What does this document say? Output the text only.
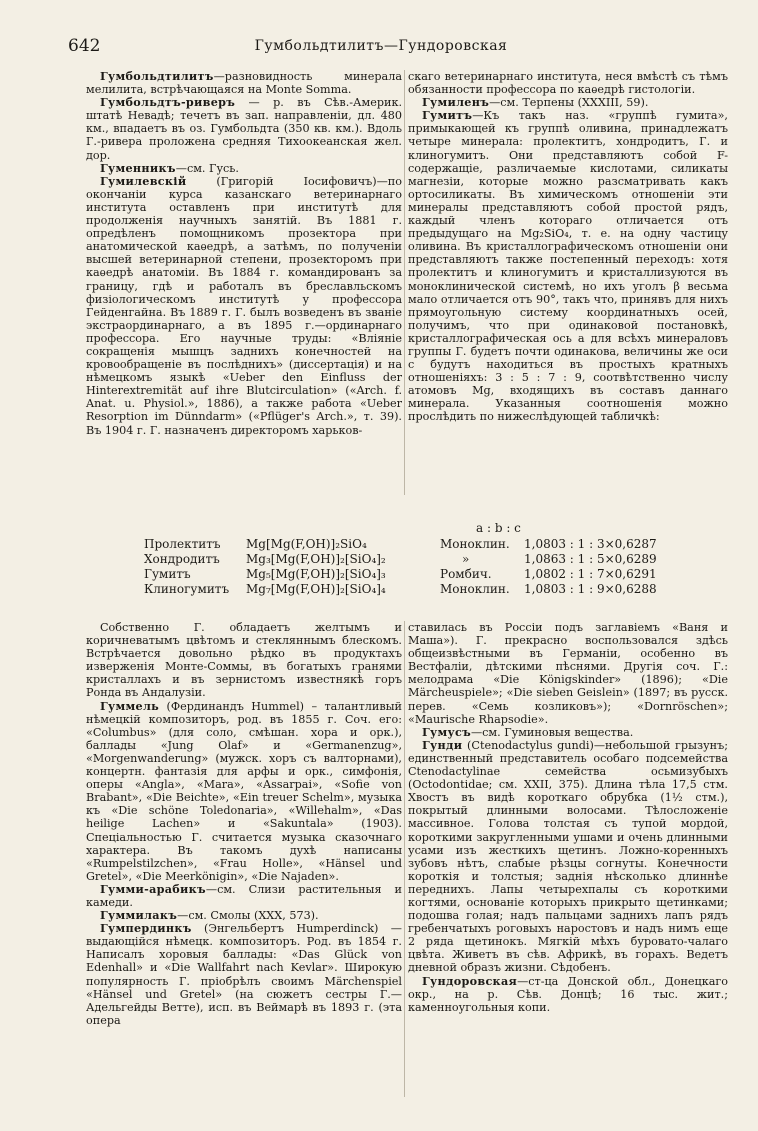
642	Гумбольдтилитъ—Гундоровская

Гумбольдтилитъ—разновидность минерала мелилита, встрѣчающаяся на Monte Somma.

Гумбольдтъ-риверъ — р. въ Сѣв.-Америк. штатѣ Невадѣ; течетъ въ зап. направленіи, дл. 480 км., впадаетъ въ оз. Гумбольдта (350 кв. км.). Вдоль Г.-ривера проложена средняя Тихоокеанская жел. дор.

Гуменникъ—см. Гусь.

Гумилевскій (Григорій Іосифовичъ)—по окончаніи курса казанскаго ветеринарнаго института оставленъ при институтѣ для продолженія научныхъ занятій. Въ 1881 г. опредѣленъ помощникомъ прозектора при анатомической каѳедрѣ, а затѣмъ, по полученіи высшей ветеринарной степени, прозекторомъ при каѳедрѣ анатоміи. Въ 1884 г. командированъ за границу, гдѣ и работалъ въ бреславльскомъ физіологическомъ институтѣ у профессора Гейденгайна. Въ 1889 г. Г. былъ возведенъ въ званіе экстраординарнаго, а въ 1895 г.—ординарнаго профессора. Его научные труды: «Вліяніе сокращенія мышцъ заднихъ конечностей на кровообращеніе въ послѣднихъ» (диссертація) и на нѣмецкомъ языкѣ «Ueber den Einfluss der Hinterextremität auf ihre Blutcirculation» («Arch. f. Anat. u. Physiol.», 1886), а также работа «Ueber Resorption im Dünndarm» («Pflüger's Arch.», т. 39). Въ 1904 г. Г. назначенъ директоромъ харьков-

скаго ветеринарнаго института, неся вмѣстѣ съ тѣмъ обязанности профессора по каѳедрѣ гистологіи.

Гумиленъ—см. Терпены (XXXIII, 59).

Гумитъ—Къ такъ наз. «группѣ гумита», примыкающей къ группѣ оливина, принадлежатъ четыре минерала: пролектитъ, хондродитъ, Г. и клиногумитъ. Они представляютъ собой F-содержащіе, различаемые кислотами, силикаты магнезіи, которые можно разсматривать какъ ортосиликаты. Въ химическомъ отношеніи эти минералы представляютъ собой простой рядъ, каждый членъ котораго отличается отъ предыдущаго на Mg₂SiO₄, т. е. на одну частицу оливина. Въ кристаллографическомъ отношеніи они представляютъ также постепенный переходъ: хотя пролектитъ и клиногумитъ и кристаллизуются въ моноклинической системѣ, но ихъ уголъ β весьма мало отличается отъ 90°, такъ что, принявъ для нихъ прямоугольную систему координатныхъ осей, получимъ, что при одинаковой постановкѣ, кристаллографическая ось a для всѣхъ минераловъ группы Г. будетъ почти одинакова, величины же оси c будутъ находиться въ простыхъ кратныхъ отношеніяхъ: 3 : 5 : 7 : 9, соотвѣтственно числу атомовъ Mg, входящихъ въ составъ даннаго минерала. Указанныя соотношенія можно прослѣдить по нижеслѣдующей табличкѣ:

a : b : c
Пролектитъ Mg[Mg(F,OH)]₂SiO₄	Моноклин. 1,0803 : 1 : 3×0,6287
Хондродитъ Mg₃[Mg(F,OH)]₂[SiO₄]₂	»	1,0863 : 1 : 5×0,6289
Гумитъ	Mg₅[Mg(F,OH)]₂[SiO₄]₃	Ромбич.	1,0802 : 1 : 7×0,6291
Клиногумитъ Mg₇[Mg(F,OH)]₂[SiO₄]₄	Моноклин. 1,0803 : 1 : 9×0,6288

Собственно Г. обладаетъ желтымъ и коричневатымъ цвѣтомъ и стекляннымъ блескомъ. Встрѣчается довольно рѣдко въ продуктахъ изверженія Монте-Соммы, въ богатыхъ гранями кристаллахъ и въ зернистомъ известнякѣ горъ Ронда въ Андалузіи.

Гуммель (Фердинандъ Hummel) – талантливый нѣмецкій композиторъ, род. въ 1855 г. Соч. его: «Columbus» (для соло, смѣшан. хора и орк.), баллады «Jung Olaf» и «Germanenzug», «Morgenwanderung» (мужск. хоръ съ валторнами), концертн. фантазія для арфы и орк., симфонія, оперы «Angla», «Mara», «Assarpai», «Sofie von Brabant», «Die Beichte», «Ein treuer Schelm», музыка къ «Die schöne Toledonaria», «Willehalm», «Das heilige Lachen» и «Sakuntala» (1903). Спеціальностью Г. считается музыка сказочнаго характера. Въ такомъ духѣ написаны «Rumpelstilzchen», «Frau Holle», «Hänsel und Gretel», «Die Meerkönigin», «Die Najaden».

Гумми-арабикъ—см. Слизи растительныя и камеди.

Гуммилакъ—см. Смолы (XXX, 573).

Гумпердинкъ (Энгельбертъ Humperdinck) — выдающійся нѣмецк. композиторъ. Род. въ 1854 г. Написалъ хоровыя баллады: «Das Glück von Edenhall» и «Die Wallfahrt nach Kevlar». Широкую популярность Г. пріобрѣлъ своимъ Märchenspiel «Hänsel und Gretel» (на сюжетъ сестры Г.—Адельгейды Ветте), исп. въ Веймарѣ въ 1893 г. (эта опера

ставилась въ Россіи подъ заглавіемъ «Ваня и Маша»). Г. прекрасно воспользовался здѣсь общеизвѣстными въ Германіи, особенно въ Вестфаліи, дѣтскими пѣснями. Другія соч. Г.: мелодрама «Die Königskinder» (1896); «Die Märcheuspiele»; «Die sieben Geislein» (1897; въ русск. перев. «Семь козликовъ»); «Dornröschen»; «Maurische Rhapsodie».

Гумусъ—см. Гуминовыя вещества.

Гунди (Ctenodactylus gundi)—небольшой грызунъ; единственный представитель особаго подсемейства Ctenodactylinae семейства осьмизубыхъ (Octodontidae; см. XXII, 375). Длина тѣла 17,5 стм. Хвостъ въ видѣ короткаго обрубка (1½ стм.), покрытый длинными волосами. Тѣлосложеніе массивное. Голова толстая съ тупой мордой, короткими закругленными ушами и очень длинными усами изъ жесткихъ щетинъ. Ложно-коренныхъ зубовъ нѣтъ, слабые рѣзцы согнуты. Конечности короткія и толстыя; заднія нѣсколько длиннѣе переднихъ. Лапы четырехпалы съ короткими когтями, основаніе которыхъ прикрыто щетинками; подошва голая; надъ пальцами заднихъ лапъ рядъ гребенчатыхъ роговыхъ наростовъ и надъ нимъ еще 2 ряда щетинокъ. Мягкій мѣхъ буровато-чалаго цвѣта. Живетъ въ сѣв. Африкѣ, въ горахъ. Ведетъ дневной образъ жизни. Сѣдобенъ.

Гундоровская—ст-ца Донской обл., Донецкаго окр., на р. Сѣв. Донцѣ; 16 тыс. жит.; каменноугольныя копи.
